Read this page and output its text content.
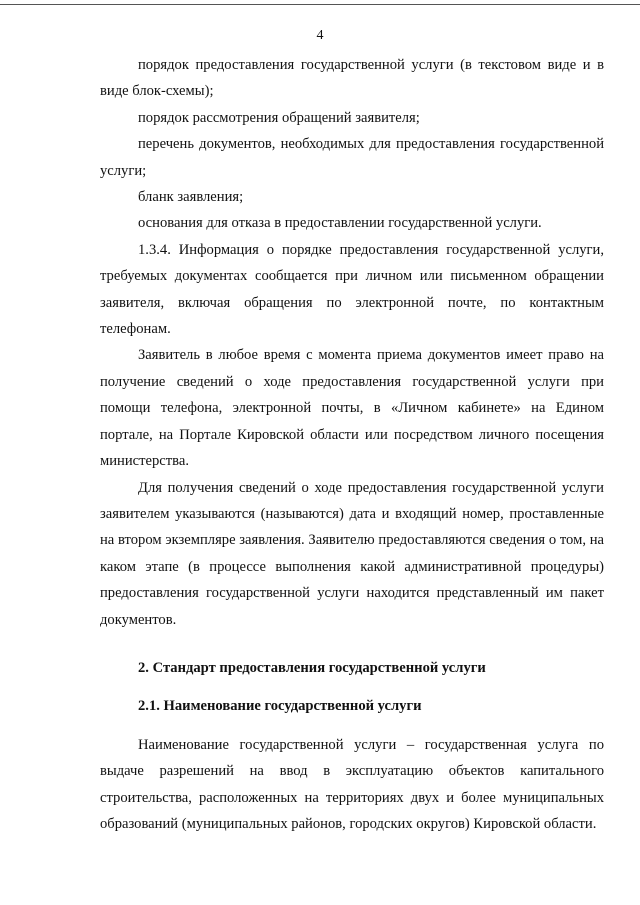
4

порядок предоставления государственной услуги (в текстовом виде и в виде блок-схемы);

порядок рассмотрения обращений заявителя;

перечень документов, необходимых для предоставления государственной услуги;

бланк заявления;

основания для отказа в предоставлении государственной услуги.

1.3.4. Информация о порядке предоставления государственной услуги, требуемых документах сообщается при личном или письменном обращении заявителя, включая обращения по электронной почте, по контактным телефонам.

Заявитель в любое время с момента приема документов имеет право на получение сведений о ходе предоставления государственной услуги при помощи телефона, электронной почты, в «Личном кабинете» на Едином портале, на Портале Кировской области или посредством личного посещения министерства.

Для получения сведений о ходе предоставления государственной услуги заявителем указываются (называются) дата и входящий номер, проставленные на втором экземпляре заявления. Заявителю предоставляются сведения о том, на каком этапе (в процессе выполнения какой административной процедуры) предоставления государственной услуги находится представленный им пакет документов.

2. Стандарт предоставления государственной услуги

2.1. Наименование государственной услуги

Наименование государственной услуги – государственная услуга по выдаче разрешений на ввод в эксплуатацию объектов капитального строительства, расположенных на территориях двух и более муниципальных образований (муниципальных районов, городских округов) Кировской области.
